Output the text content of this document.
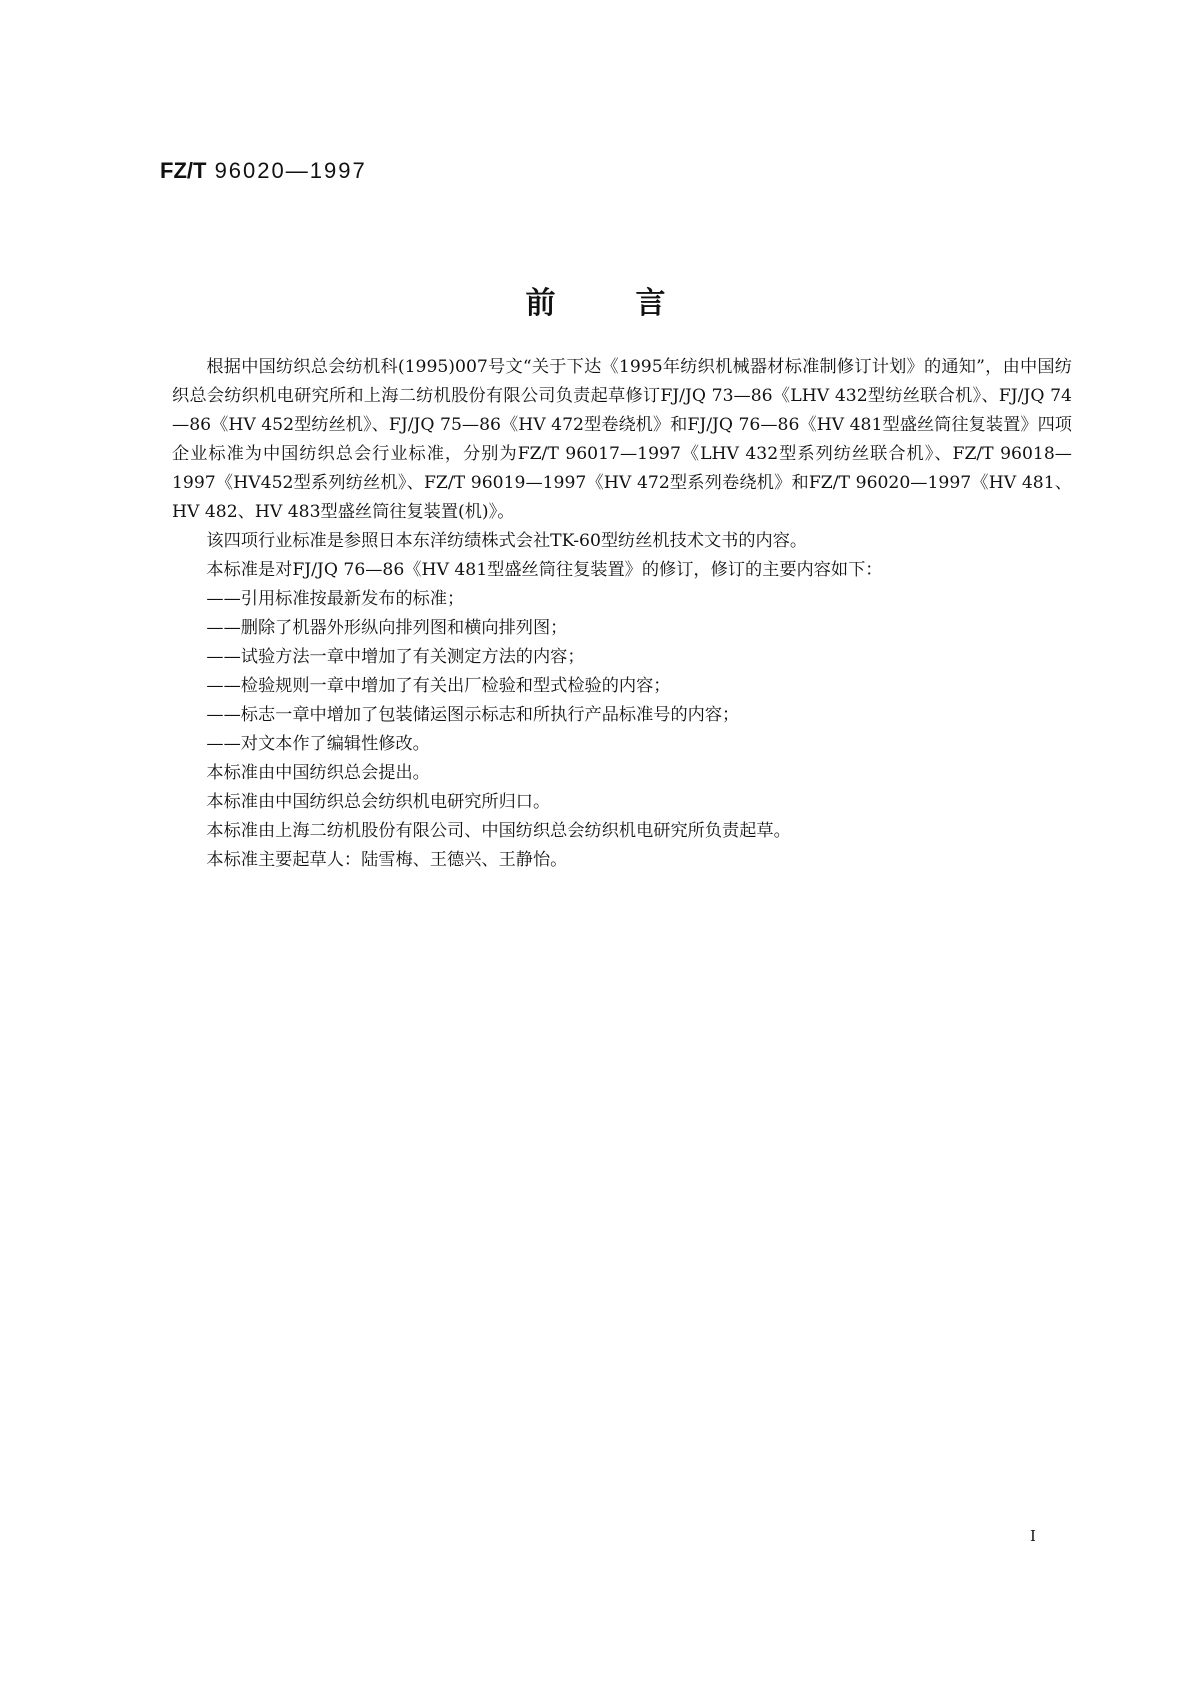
FZ/T 96020—1997

前	言

根据中国纺织总会纺机科(1995)007号文“关于下达《1995年纺织机械器材标准制修订计划》的通知”，由中国纺织总会纺织机电研究所和上海二纺机股份有限公司负责起草修订FJ/JQ 73—86《LHV 432型纺丝联合机》、FJ/JQ 74—86《HV 452型纺丝机》、FJ/JQ 75—86《HV 472型卷绕机》和FJ/JQ 76—86《HV 481型盛丝筒往复装置》四项企业标准为中国纺织总会行业标准，分别为FZ/T 96017—1997《LHV 432型系列纺丝联合机》、FZ/T 96018—1997《HV452型系列纺丝机》、FZ/T 96019—1997《HV 472型系列卷绕机》和FZ/T 96020—1997《HV 481、HV 482、HV 483型盛丝筒往复装置(机)》。

该四项行业标准是参照日本东洋纺绩株式会社TK-60型纺丝机技术文书的内容。

本标准是对FJ/JQ 76—86《HV 481型盛丝筒往复装置》的修订，修订的主要内容如下：

——引用标准按最新发布的标准；

——删除了机器外形纵向排列图和横向排列图；

——试验方法一章中增加了有关测定方法的内容；

——检验规则一章中增加了有关出厂检验和型式检验的内容；

——标志一章中增加了包装储运图示标志和所执行产品标准号的内容；

——对文本作了编辑性修改。

本标准由中国纺织总会提出。

本标准由中国纺织总会纺织机电研究所归口。

本标准由上海二纺机股份有限公司、中国纺织总会纺织机电研究所负责起草。

本标准主要起草人：陆雪梅、王德兴、王静怡。

I
